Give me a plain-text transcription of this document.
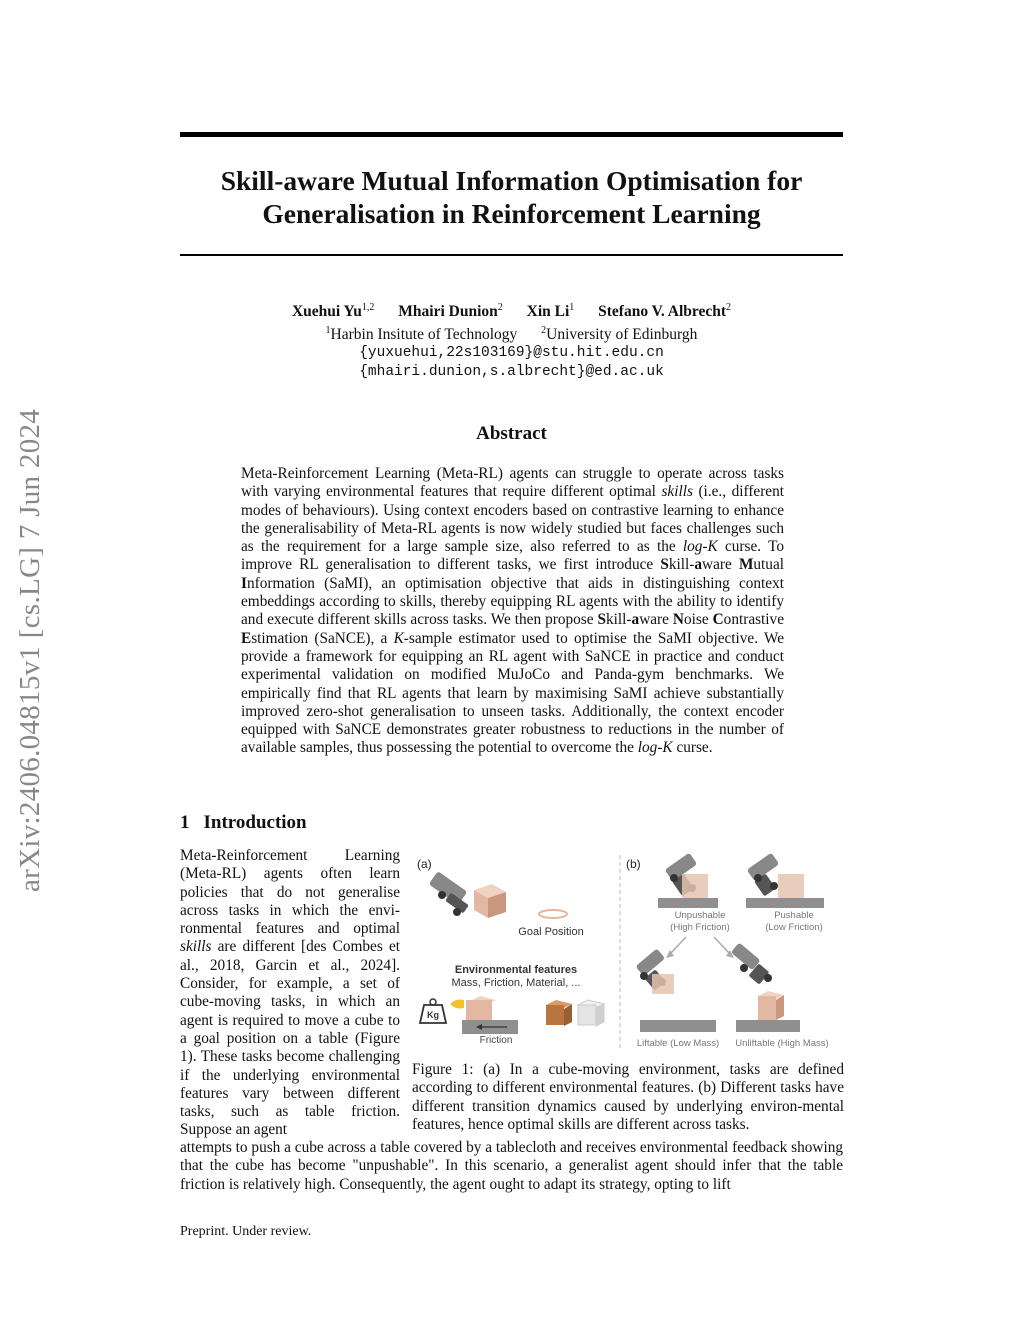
arXiv:2406.04815v1 [cs.LG] 7 Jun 2024
Skill-aware Mutual Information Optimisation for
Generalisation in Reinforcement Learning
Xuehui Yu$^{1,2}$ Mhairi Dunion$^2$ Xin Li$^1$ Stefano V. Albrecht$^2$
$^1$Harbin Insitute of Technology $^2$University of Edinburgh
{yuxuehui,22s103169}@stu.hit.edu.cn
{mhairi.dunion,s.albrecht}@ed.ac.uk
Abstract

Meta-Reinforcement Learning (Meta-RL) agents can struggle to operate across tasks with varying environmental features that require different optimal skills (i.e., different modes of behaviours). Using context encoders based on contrastive learning to enhance the generalisability of Meta-RL agents is now widely studied but faces challenges such as the requirement for a large sample size, also referred to as the log-K curse. To improve RL generalisation to different tasks, we first introduce Skill-aware Mutual Information (SaMI), an optimisation objective that aids in distinguishing context embeddings according to skills, thereby equipping RL agents with the ability to identify and execute different skills across tasks. We then propose Skill-aware Noise Contrastive Estimation (SaNCE), a K-sample estimator used to optimise the SaMI objective. We provide a framework for equipping an RL agent with SaNCE in practice and conduct experimental validation on modified MuJoCo and Panda-gym benchmarks. We empirically find that RL agents that learn by maximising SaMI achieve substantially improved zero-shot generalisation to unseen tasks. Additionally, the context encoder equipped with SaNCE demonstrates greater robustness to reductions in the number of available samples, thus possessing the potential to overcome the log-K curse.

1 Introduction

Meta-Reinforcement Learning (Meta-RL) agents often learn policies that do not generalise across tasks in which the envi-ronmental features and optimal skills are different [des Combes et al., 2018, Garcin et al., 2024]. Consider, for example, a set of cube-moving tasks, in which an agent is required to move a cube to a goal position on a table (Figure 1). These tasks become challenging if the underlying environmental features vary between different tasks, such as table friction. Suppose an agent

(a)	(b)
Goal Position
Environmental features
Mass, Friction, Material, ...
Kg
Friction
Unpushable
(High Friction)
Pushable
(Low Friction)
Liftable (Low Mass) Unliftable (High Mass)

Figure 1: (a) In a cube-moving environment, tasks are defined according to different environmental features. (b) Different tasks have different transition dynamics caused by underlying environ-mental features, hence optimal skills are different across tasks.

attempts to push a cube across a table covered by a tablecloth and receives environmental feedback showing that the cube has become "unpushable". In this scenario, a generalist agent should infer that the table friction is relatively high. Consequently, the agent ought to adapt its strategy, opting to lift

Preprint. Under review.
